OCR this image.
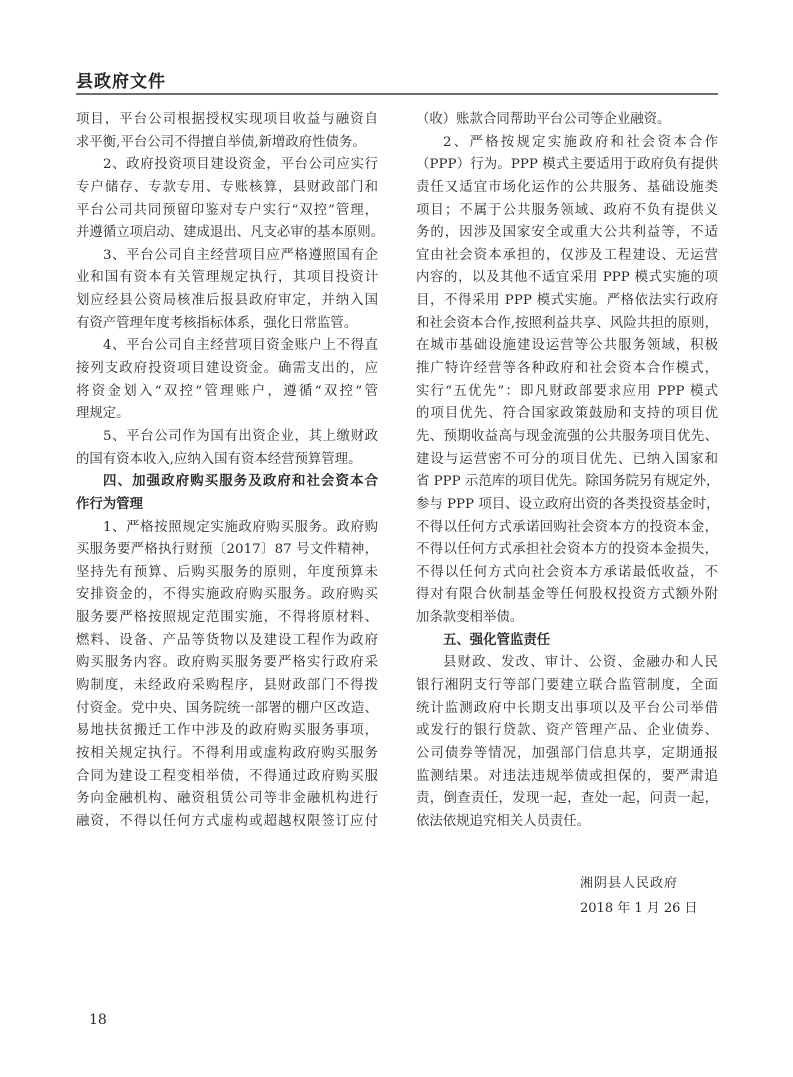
县政府文件
项目，平台公司根据授权实现项目收益与融资自
求平衡,平台公司不得擅自举债,新增政府性债务。
2、政府投资项目建设资金，平台公司应实行
专户储存、专款专用、专账核算，县财政部门和
平台公司共同预留印鉴对专户实行“双控”管理，
并遵循立项启动、建成退出、凡支必审的基本原则。
3、平台公司自主经营项目应严格遵照国有企
业和国有资本有关管理规定执行，其项目投资计
划应经县公资局核准后报县政府审定，并纳入国
有资产管理年度考核指标体系，强化日常监管。
4、平台公司自主经营项目资金账户上不得直
接列支政府投资项目建设资金。确需支出的，应
将资金划入“双控”管理账户，遵循“双控”管
理规定。
5、平台公司作为国有出资企业，其上缴财政
的国有资本收入,应纳入国有资本经营预算管理。
四、加强政府购买服务及政府和社会资本合
作行为管理
1、严格按照规定实施政府购买服务。政府购
买服务要严格执行财预〔2017〕87 号文件精神，
坚持先有预算、后购买服务的原则，年度预算未
安排资金的，不得实施政府购买服务。政府购买
服务要严格按照规定范围实施，不得将原材料、
燃料、设备、产品等货物以及建设工程作为政府
购买服务内容。政府购买服务要严格实行政府采
购制度，未经政府采购程序，县财政部门不得拨
付资金。党中央、国务院统一部署的棚户区改造、
易地扶贫搬迁工作中涉及的政府购买服务事项，
按相关规定执行。不得利用或虚构政府购买服务
合同为建设工程变相举债，不得通过政府购买服
务向金融机构、融资租赁公司等非金融机构进行
融资，不得以任何方式虚构或超越权限签订应付
（收）账款合同帮助平台公司等企业融资。
2、严格按规定实施政府和社会资本合作
（PPP）行为。PPP 模式主要适用于政府负有提供
责任又适宜市场化运作的公共服务、基础设施类
项目；不属于公共服务领域、政府不负有提供义
务的，因涉及国家安全或重大公共利益等，不适
宜由社会资本承担的，仅涉及工程建设、无运营
内容的，以及其他不适宜采用 PPP 模式实施的项
目，不得采用 PPP 模式实施。严格依法实行政府
和社会资本合作,按照利益共享、风险共担的原则，
在城市基础设施建设运营等公共服务领域，积极
推广特许经营等各种政府和社会资本合作模式，
实行“五优先”：即凡财政部要求应用 PPP 模式
的项目优先、符合国家政策鼓励和支持的项目优
先、预期收益高与现金流强的公共服务项目优先、
建设与运营密不可分的项目优先、已纳入国家和
省 PPP 示范库的项目优先。除国务院另有规定外，
参与 PPP 项目、设立政府出资的各类投资基金时，
不得以任何方式承诺回购社会资本方的投资本金，
不得以任何方式承担社会资本方的投资本金损失，
不得以任何方式向社会资本方承诺最低收益，不
得对有限合伙制基金等任何股权投资方式额外附
加条款变相举债。
五、强化管监责任
县财政、发改、审计、公资、金融办和人民
银行湘阴支行等部门要建立联合监管制度，全面
统计监测政府中长期支出事项以及平台公司举借
或发行的银行贷款、资产管理产品、企业债券、
公司债券等情况，加强部门信息共享，定期通报
监测结果。对违法违规举债或担保的，要严肃追
责，倒查责任，发现一起，查处一起，问责一起，
依法依规追究相关人员责任。
湘阴县人民政府
2018 年 1 月 26 日
18
